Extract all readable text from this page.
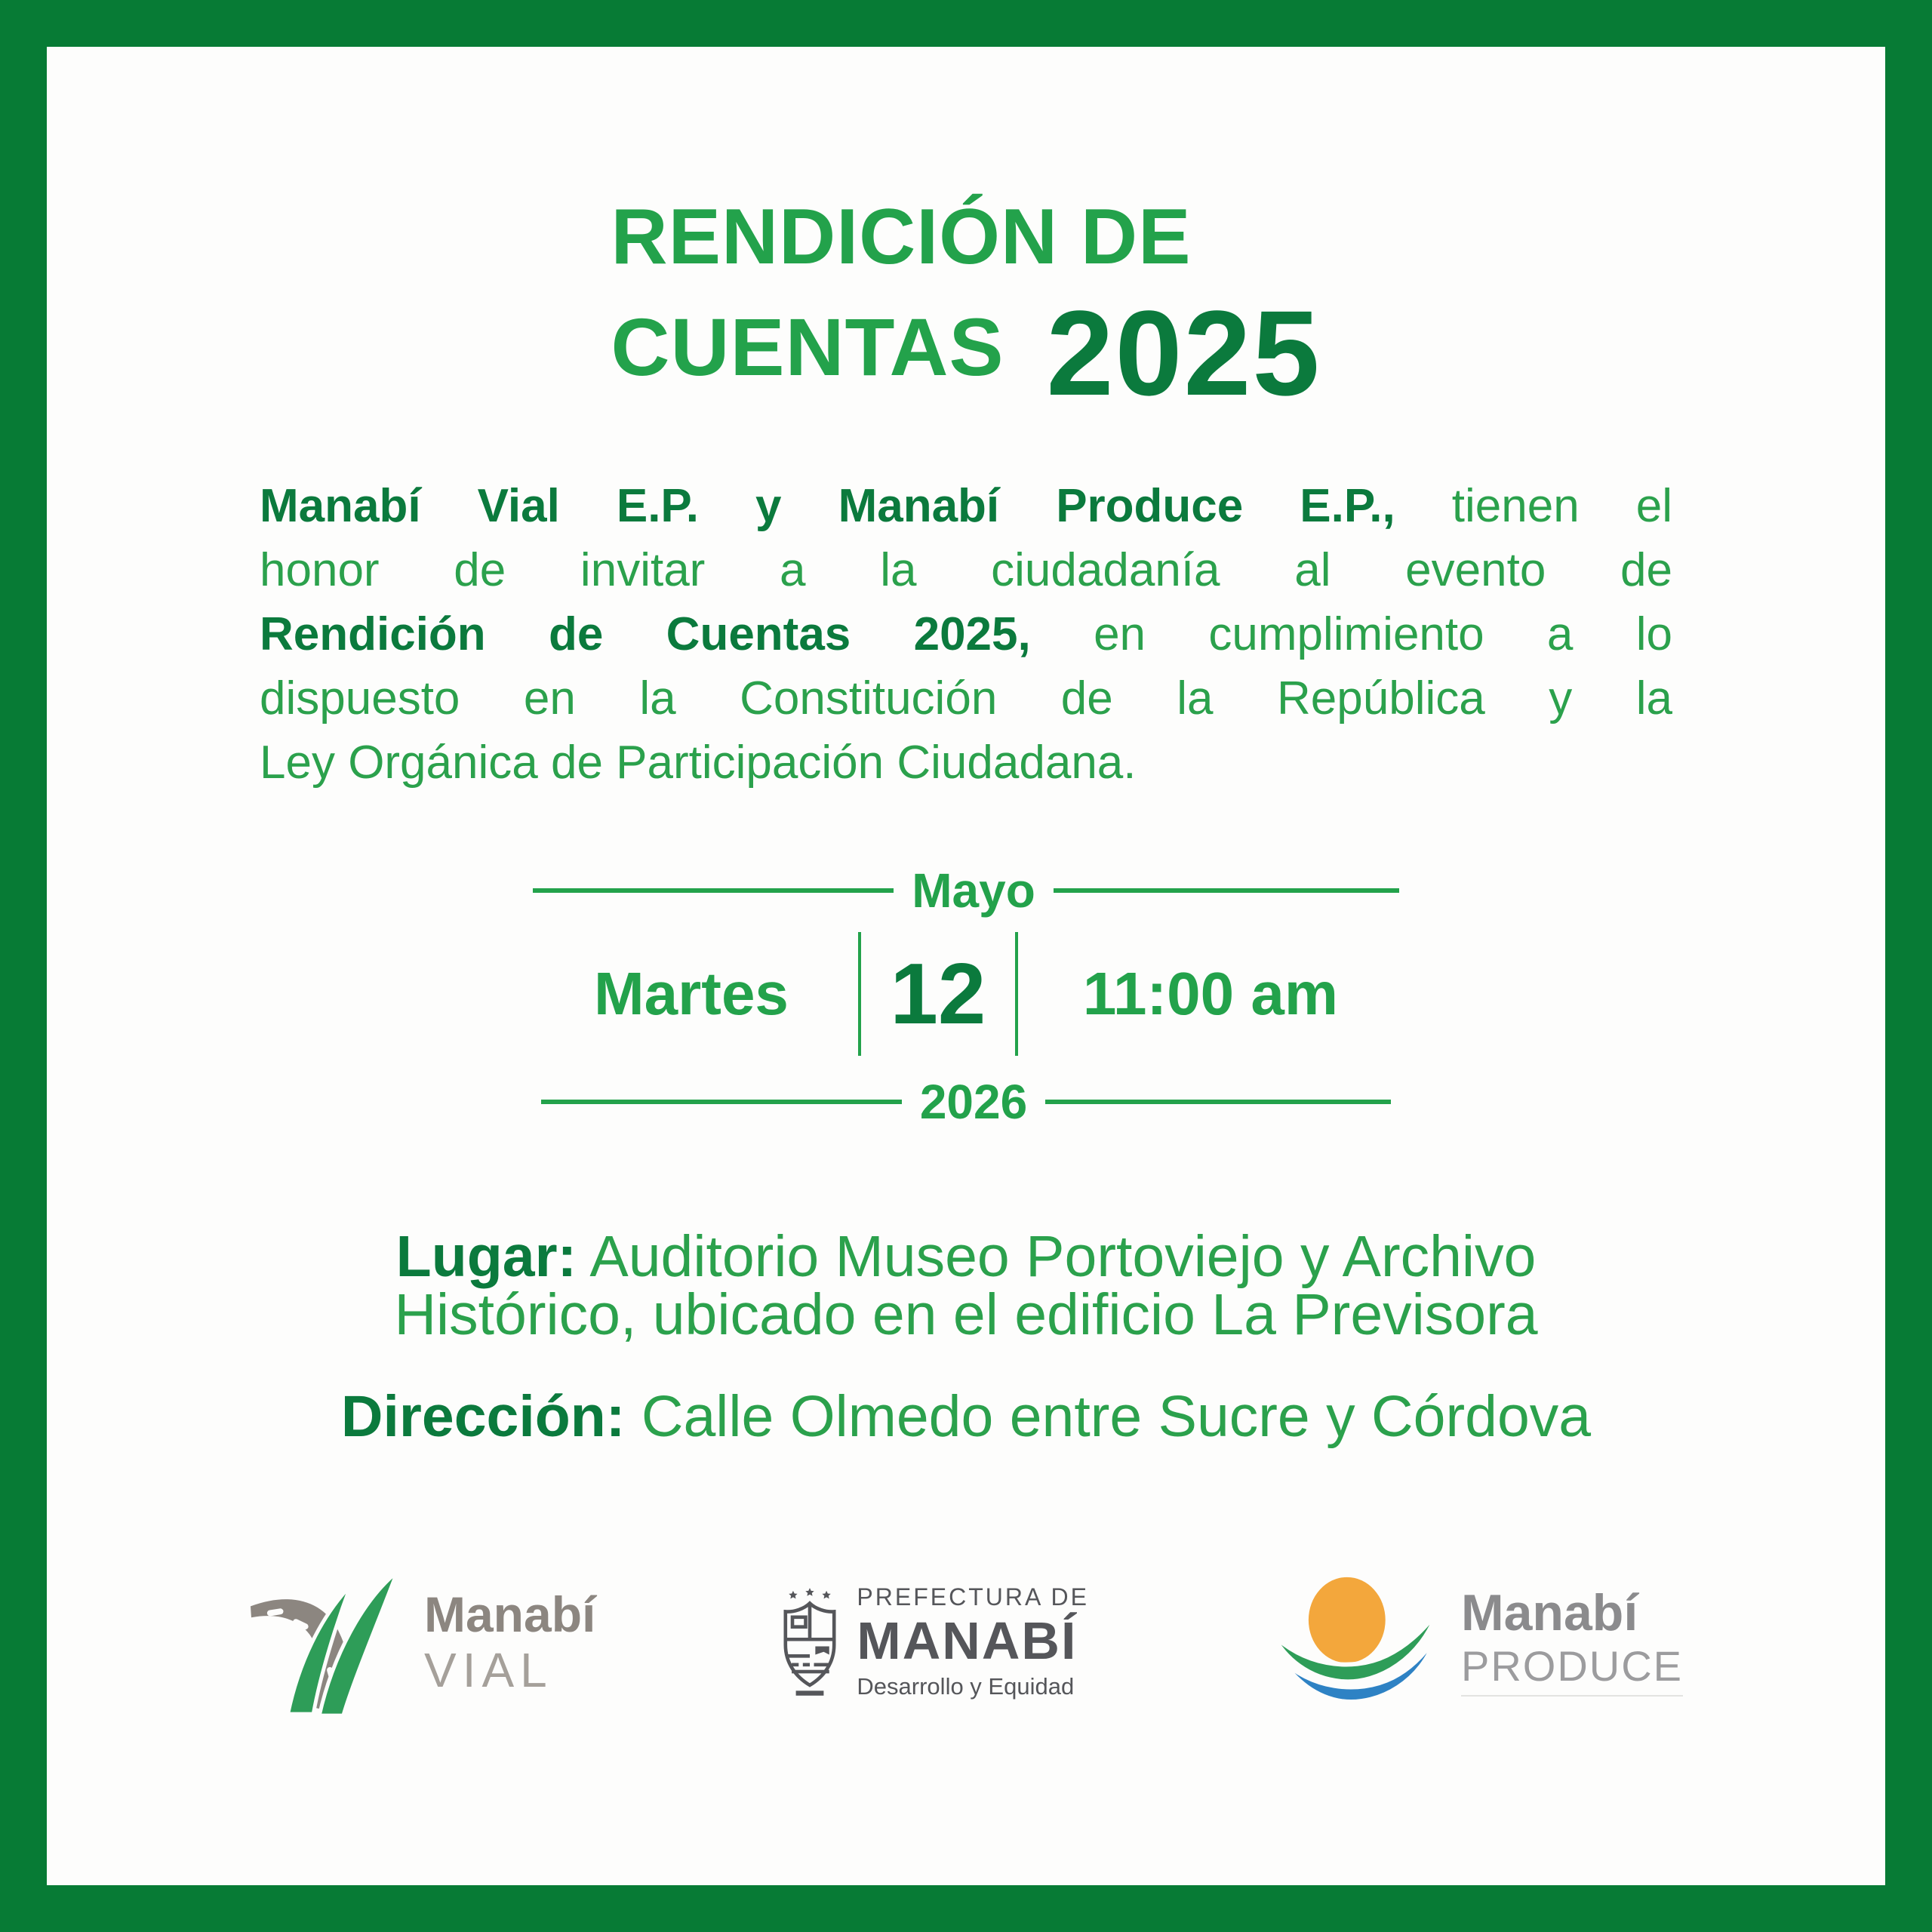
RENDICIÓN DE
CUENTAS 2025

Manabí Vial E.P. y Manabí Produce E.P., tienen el
honor de invitar a la ciudadanía al evento de
Rendición de Cuentas 2025, en cumplimiento a lo
dispuesto en la Constitución de la República y la
Ley Orgánica de Participación Ciudadana.

Mayo
Martes	12	11:00 am
2026

Lugar: Auditorio Museo Portoviejo y Archivo
Histórico, ubicado en el edificio La Previsora

Dirección: Calle Olmedo entre Sucre y Córdova

Manabí
VIAL
PREFECTURA DE
MANABÍ
Desarrollo y Equidad
Manabí
PRODUCE
